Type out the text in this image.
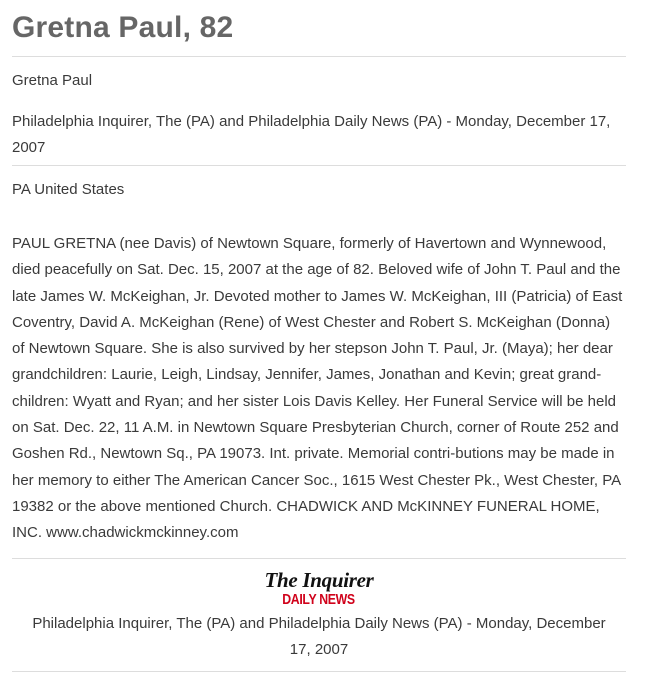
Gretna Paul, 82
Gretna Paul
Philadelphia Inquirer, The (PA) and Philadelphia Daily News (PA) - Monday, December 17, 2007
PA United States
PAUL GRETNA (nee Davis) of Newtown Square, formerly of Havertown and Wynnewood, died peacefully on Sat. Dec. 15, 2007 at the age of 82. Beloved wife of John T. Paul and the late James W. McKeighan, Jr. Devoted mother to James W. McKeighan, III (Patricia) of East Coventry, David A. McKeighan (Rene) of West Chester and Robert S. McKeighan (Donna) of Newtown Square. She is also survived by her stepson John T. Paul, Jr. (Maya); her dear grandchildren: Laurie, Leigh, Lindsay, Jennifer, James, Jonathan and Kevin; great grand-children: Wyatt and Ryan; and her sister Lois Davis Kelley. Her Funeral Service will be held on Sat. Dec. 22, 11 A.M. in Newtown Square Presbyterian Church, corner of Route 252 and Goshen Rd., Newtown Sq., PA 19073. Int. private. Memorial contri-butions may be made in her memory to either The American Cancer Soc., 1615 West Chester Pk., West Chester, PA 19382 or the above mentioned Church. CHADWICK AND McKINNEY FUNERAL HOME, INC. www.chadwickmckinney.com
The Inquirer
DAILY NEWS
Philadelphia Inquirer, The (PA) and Philadelphia Daily News (PA) - Monday, December 17, 2007
